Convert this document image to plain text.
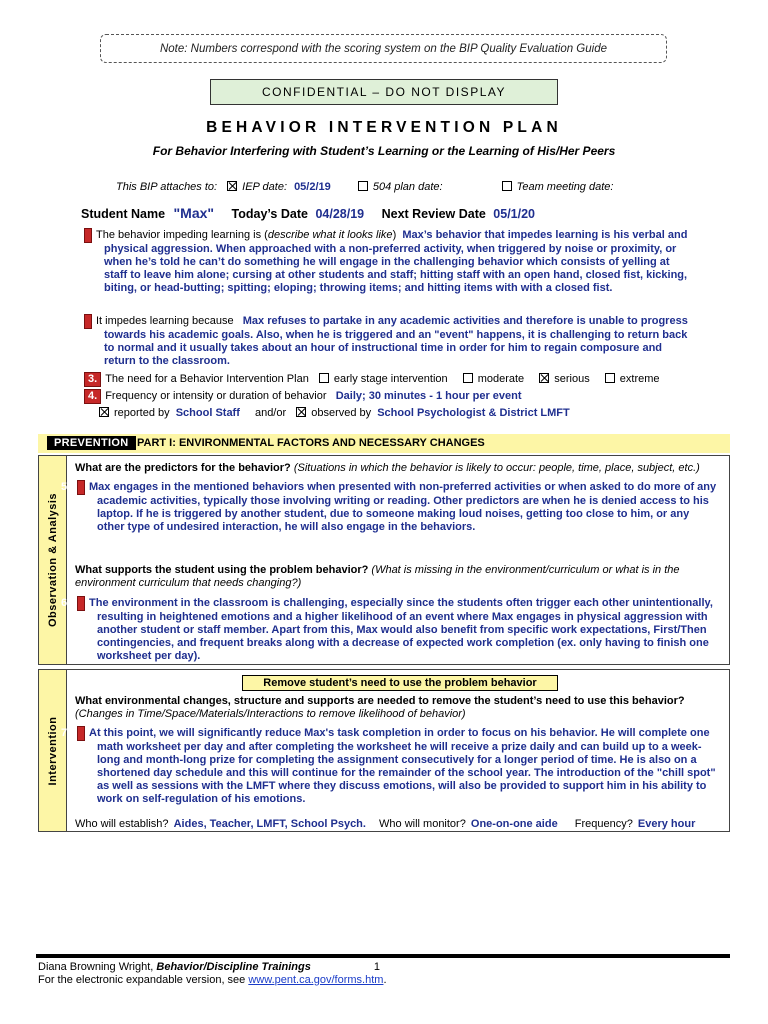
Note: Numbers correspond with the scoring system on the BIP Quality Evaluation Guide
CONFIDENTIAL – DO NOT DISPLAY
BEHAVIOR INTERVENTION PLAN
For Behavior Interfering with Student’s Learning or the Learning of His/Her Peers
This BIP attaches to: IEP date: 05/2/19	504 plan date:	Team meeting date:
Student Name "Max" Today’s Date 04/28/19 Next Review Date 05/1/20
1. The behavior impeding learning is (describe what it looks like) Max’s behavior that impedes learning is his verbal and physical aggression. When approached with a non-preferred activity, when triggered by noise or proximity, or when he’s told he can’t do something he will engage in the challenging behavior which consists of yelling at staff to leave him alone; cursing at other students and staff; hitting staff with an open hand, closed fist, kicking, biting, or head-butting; spitting; eloping; throwing items; and hitting items with with a closed fist.
2. It impedes learning because Max refuses to partake in any academic activities and therefore is unable to progress towards his academic goals. Also, when he is triggered and an "event" happens, it is challenging to return back to normal and it usually takes about an hour of instructional time in order for him to regain composure and return to the classroom.
3. The need for a Behavior Intervention Plan early stage intervention	moderate	serious	extreme
4. Frequency or intensity or duration of behavior Daily; 30 minutes - 1 hour per event
reported by School Staff and/or observed by School Psychologist & District LMFT
PREVENTION PART I: ENVIRONMENTAL FACTORS AND NECESSARY CHANGES
Observation & Analysis
What are the predictors for the behavior? (Situations in which the behavior is likely to occur: people, time, place, subject, etc.)
5. Max engages in the mentioned behaviors when presented with non-preferred activities or when asked to do more of any academic activities, typically those involving writing or reading. Other predictors are when he is denied access to his laptop. If he is triggered by another student, due to someone making loud noises, getting too close to him, or any other type of undesired interaction, he will also engage in the behaviors.
What supports the student using the problem behavior? (What is missing in the environment/curriculum or what is in the environment curriculum that needs changing?)
6. The environment in the classroom is challenging, especially since the students often trigger each other unintentionally, resulting in heightened emotions and a higher likelihood of an event where Max engages in physical aggression with another student or staff member. Apart from this, Max would also benefit from specific work expectations, First/Then contingencies, and frequent breaks along with a decrease of expected work completion (ex. only having to finish one worksheet per day).
Intervention
Remove student’s need to use the problem behavior
What environmental changes, structure and supports are needed to remove the student’s need to use this behavior?
(Changes in Time/Space/Materials/Interactions to remove likelihood of behavior)
7. At this point, we will significantly reduce Max's task completion in order to focus on his behavior. He will complete one math worksheet per day and after completing the worksheet he will receive a prize daily and can build up to a week-long and month-long prize for completing the assignment consecutively for a longer period of time. He is also on a shortened day schedule and this will continue for the remainder of the school year. The introduction of the "chill spot" as well as sessions with the LMFT where they discuss emotions, will also be provided to support him in his ability to work on self-regulation of his emotions.
Who will establish? Aides, Teacher, LMFT, School Psych. Who will monitor? One-on-one aide Frequency? Every hour
Diana Browning Wright, Behavior/Discipline Trainings	1
For the electronic expandable version, see www.pent.ca.gov/forms.htm.
